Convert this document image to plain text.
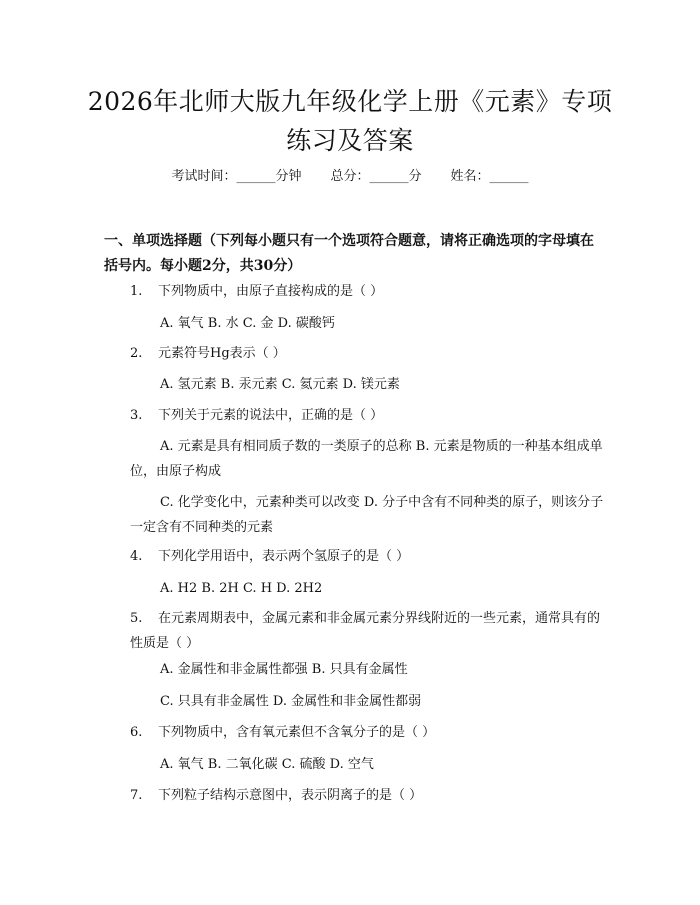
2026年北师大版九年级化学上册《元素》专项练习及答案
考试时间：______分钟 总分：______分 姓名：______
一、单项选择题（下列每小题只有一个选项符合题意，请将正确选项的字母填在括号内。每小题2分，共30分）
1. 下列物质中，由原子直接构成的是（ ）
A. 氧气 B. 水 C. 金 D. 碳酸钙
2. 元素符号Hg表示（ ）
A. 氢元素 B. 汞元素 C. 氦元素 D. 镁元素
3. 下列关于元素的说法中，正确的是（ ）
A. 元素是具有相同质子数的一类原子的总称 B. 元素是物质的一种基本组成单位，由原子构成
C. 化学变化中，元素种类可以改变 D. 分子中含有不同种类的原子，则该分子一定含有不同种类的元素
4. 下列化学用语中，表示两个氢原子的是（ ）
A. H2 B. 2H C. H D. 2H2
5. 在元素周期表中，金属元素和非金属元素分界线附近的一些元素，通常具有的性质是（ ）
A. 金属性和非金属性都强 B. 只具有金属性
C. 只具有非金属性 D. 金属性和非金属性都弱
6. 下列物质中，含有氧元素但不含氧分子的是（ ）
A. 氧气 B. 二氧化碳 C. 硫酸 D. 空气
7. 下列粒子结构示意图中，表示阴离子的是（ ）
